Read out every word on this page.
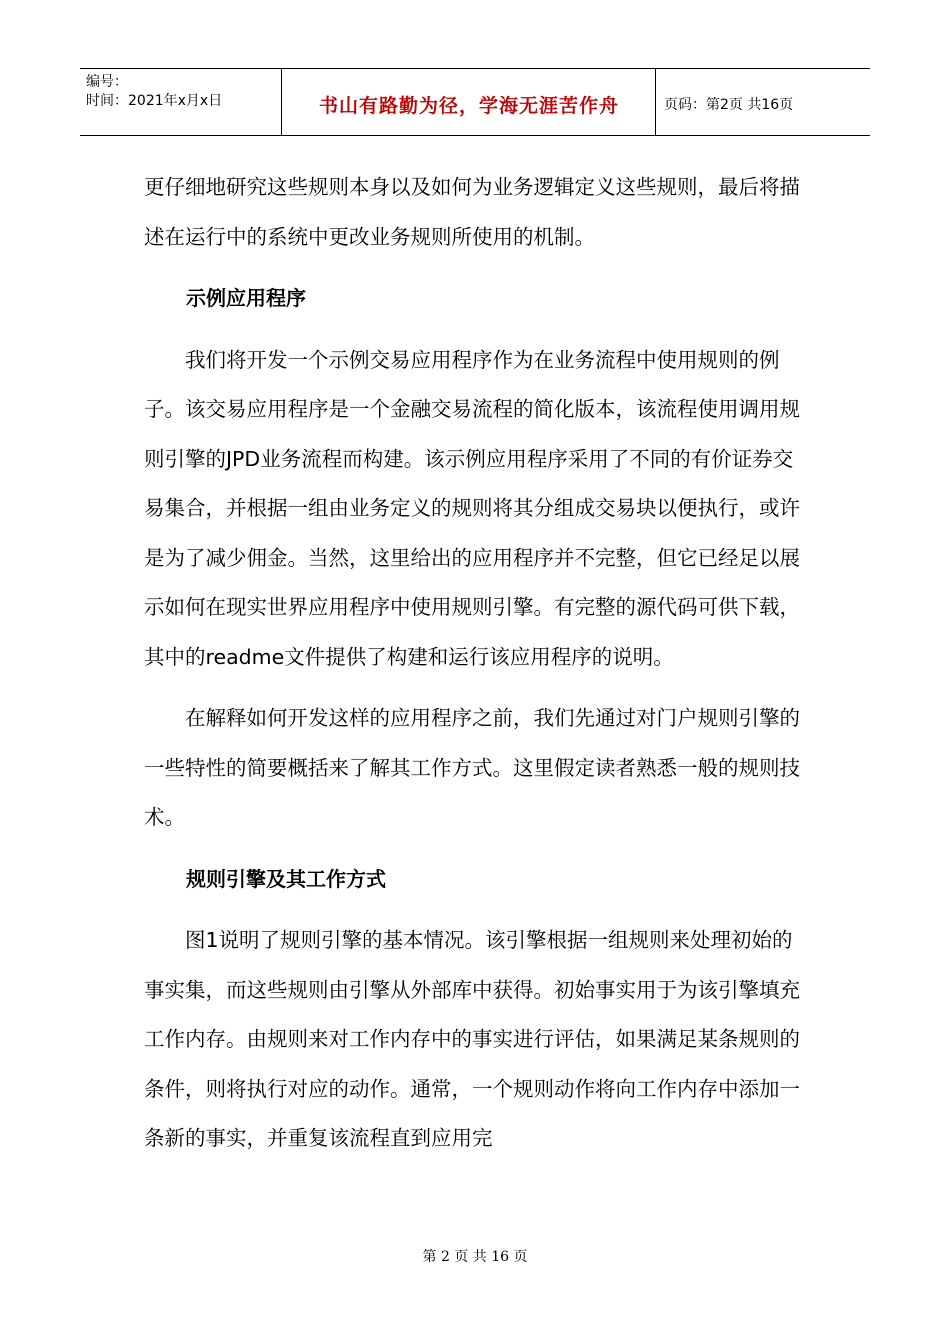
编号：
时间：2021年x月x日	书山有路勤为径，学海无涯苦作舟	页码：第2页 共16页

更仔细地研究这些规则本身以及如何为业务逻辑定义这些规则，最后将描述在运行中的系统中更改业务规则所使用的机制。

示例应用程序

我们将开发一个示例交易应用程序作为在业务流程中使用规则的例子。该交易应用程序是一个金融交易流程的简化版本，该流程使用调用规则引擎的JPD业务流程而构建。该示例应用程序采用了不同的有价证券交易集合，并根据一组由业务定义的规则将其分组成交易块以便执行，或许是为了减少佣金。当然，这里给出的应用程序并不完整，但它已经足以展示如何在现实世界应用程序中使用规则引擎。有完整的源代码可供下载，其中的readme文件提供了构建和运行该应用程序的说明。

在解释如何开发这样的应用程序之前，我们先通过对门户规则引擎的一些特性的简要概括来了解其工作方式。这里假定读者熟悉一般的规则技术。

规则引擎及其工作方式

图1说明了规则引擎的基本情况。该引擎根据一组规则来处理初始的事实集，而这些规则由引擎从外部库中获得。初始事实用于为该引擎填充工作内存。由规则来对工作内存中的事实进行评估，如果满足某条规则的条件，则将执行对应的动作。通常，一个规则动作将向工作内存中添加一条新的事实，并重复该流程直到应用完

第 2 页 共 16 页
